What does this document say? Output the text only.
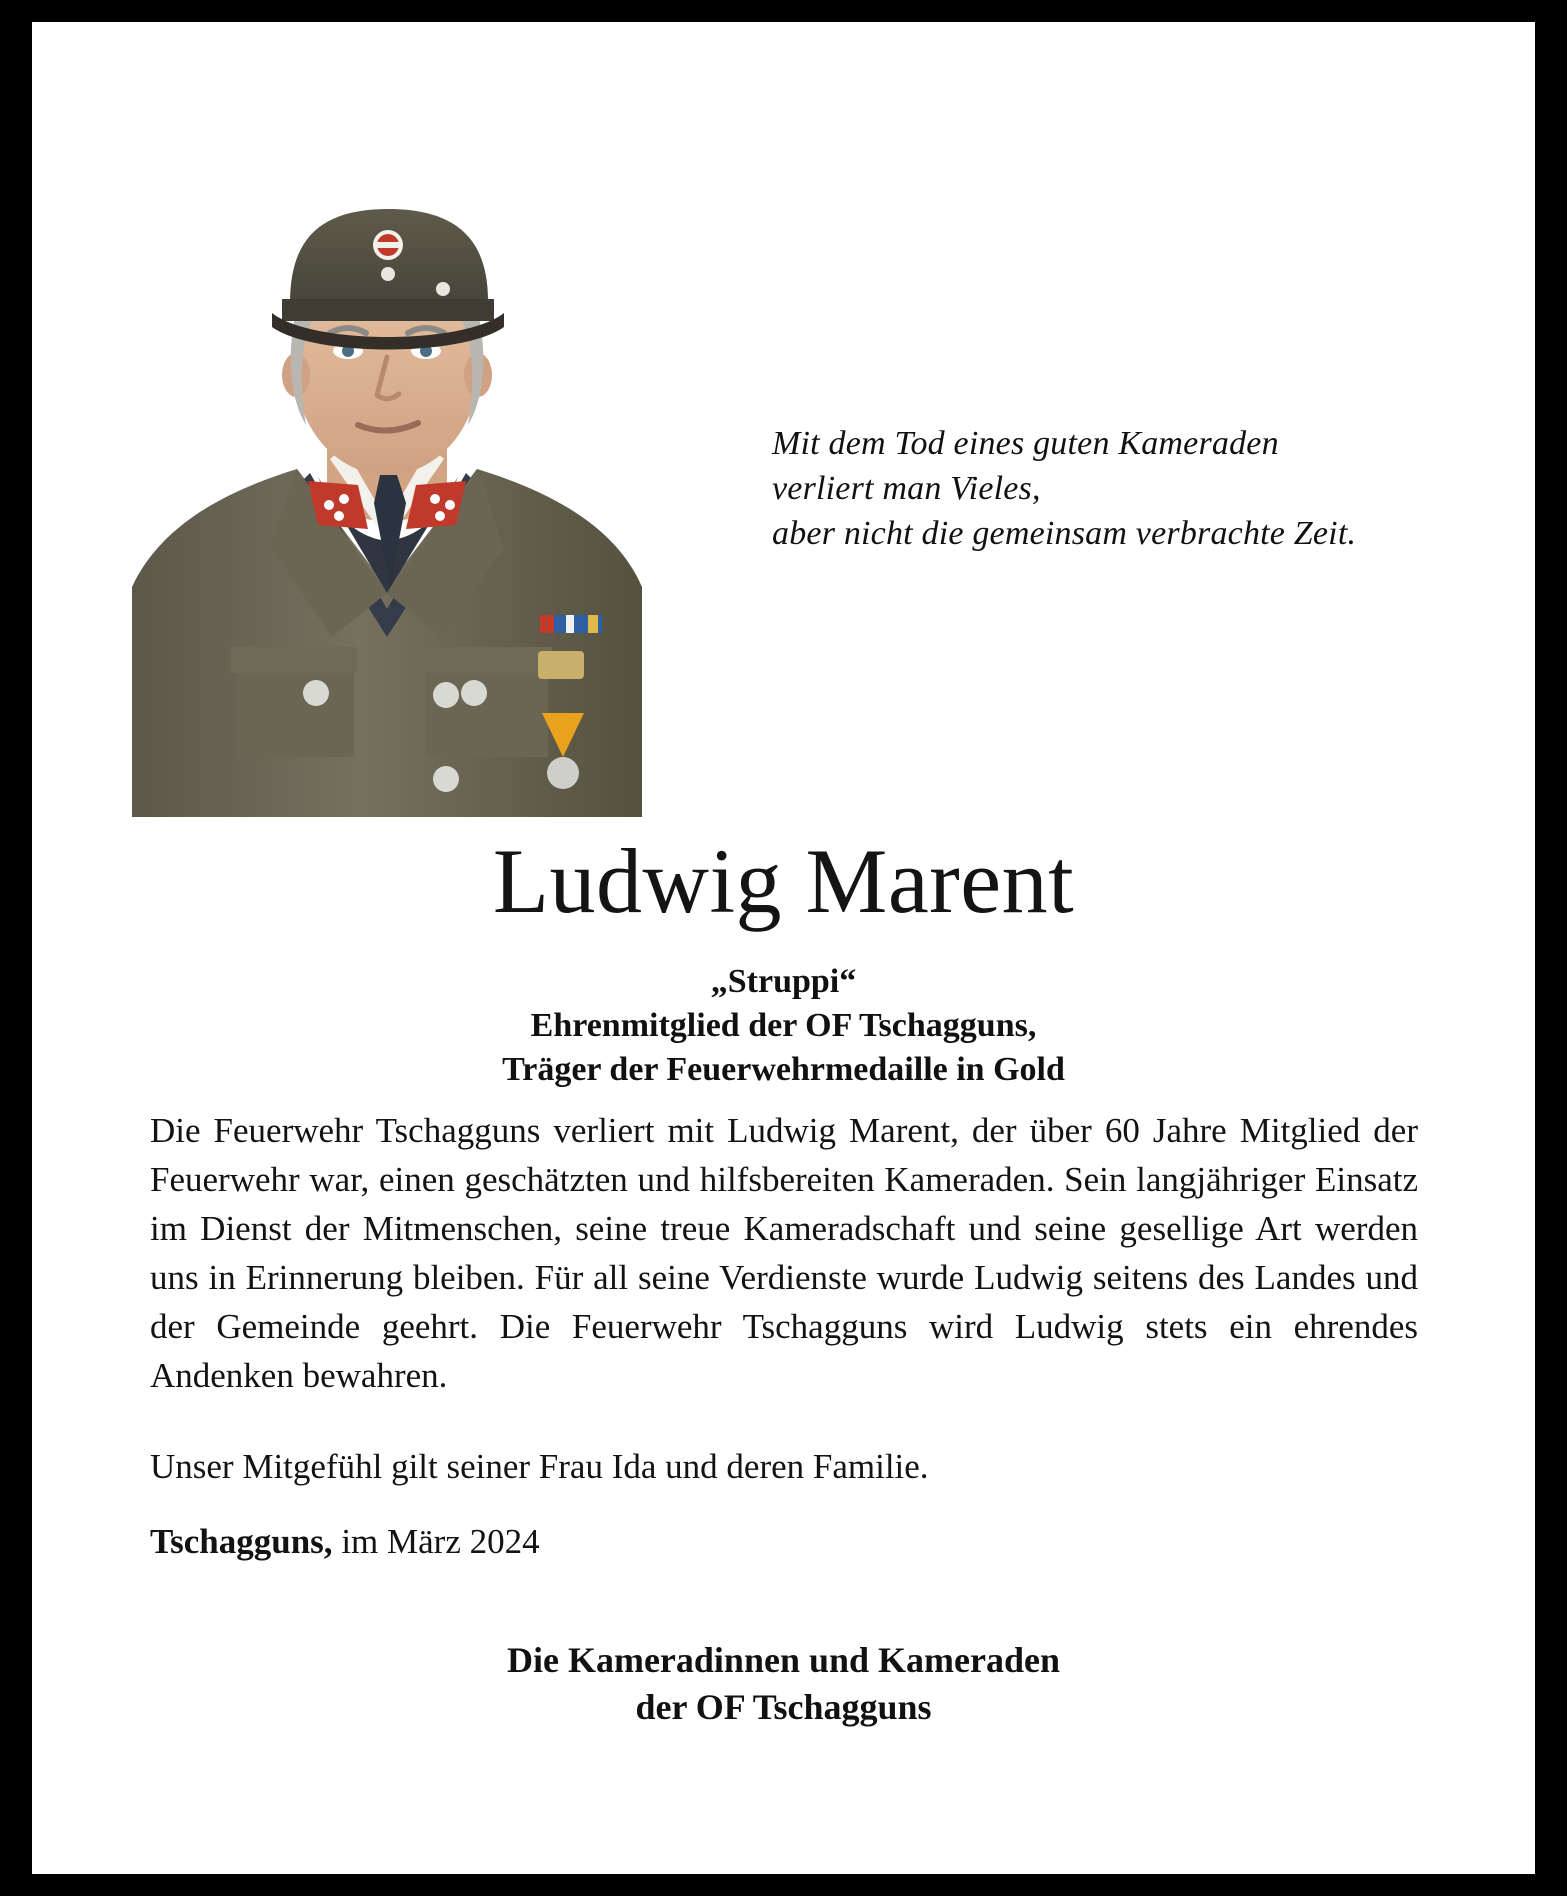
Mit dem Tod eines guten Kameraden
verliert man Vieles,
aber nicht die gemeinsam verbrachte Zeit.
Ludwig Marent
„Struppi“
Ehrenmitglied der OF Tschagguns,
Träger der Feuerwehrmedaille in Gold
Die Feuerwehr Tschagguns verliert mit Ludwig Marent, der über 60 Jahre Mitglied der Feuerwehr war, einen geschätzten und hilfsbereiten Kameraden. Sein langjähriger Einsatz im Dienst der Mitmenschen, seine treue Kameradschaft und seine gesellige Art werden uns in Erinnerung bleiben. Für all seine Verdienste wurde Ludwig seitens des Landes und der Gemeinde geehrt. Die Feuerwehr Tschagguns wird Ludwig stets ein ehrendes Andenken bewahren.
Unser Mitgefühl gilt seiner Frau Ida und deren Familie.
Tschagguns, im März 2024
Die Kameradinnen und Kameraden
der OF Tschagguns
